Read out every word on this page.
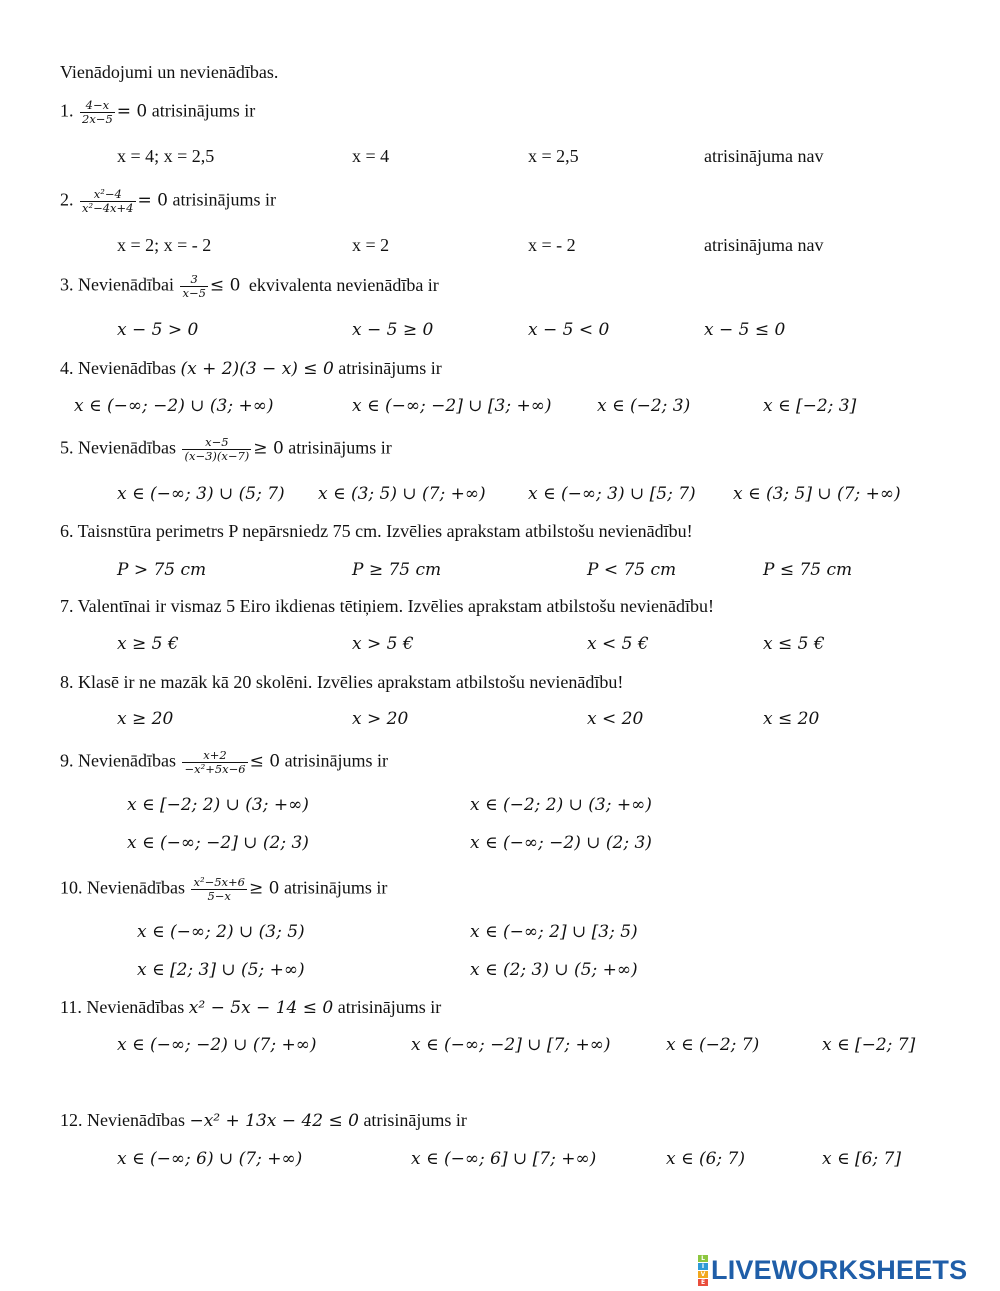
Vienādojumi un nevienādības.
1. $\frac{4-x}{2x-5} = 0$ atrisinājums ir
x = 4; x = 2,5	x = 4	x = 2,5	atrisinājuma nav
2. $\frac{\text{x²−4}}{\text{x²−4x+4}} = 0$ atrisinājums ir
x = 2; x = - 2	x = 2	x = - 2	atrisinājuma nav
3. Nevienādībai $\frac{3}{x-5} \le 0$ ekvivalenta nevienādība ir
x − 5 > 0	x − 5 ≥ 0	x − 5 < 0	x − 5 ≤ 0
4. Nevienādības (x + 2)(3 − x) ≤ 0 atrisinājums ir
x ∈ (−∞; −2) ∪ (3; +∞)	x ∈ (−∞; −2] ∪ [3; +∞)	x ∈ (−2; 3)	x ∈ [−2; 3]
5. Nevienādības $\frac{x-5}{(x-3)(x-7)} \ge 0$ atrisinājums ir
x ∈ (−∞; 3) ∪ (5; 7) x ∈ (3; 5) ∪ (7; +∞) x ∈ (−∞; 3) ∪ [5; 7) x ∈ (3; 5] ∪ (7; +∞)
6. Taisnstūra perimetrs P nepārsniedz 75 cm. Izvēlies aprakstam atbilstošu nevienādību!
P > 75 cm	P ≥ 75 cm	P < 75 cm	P ≤ 75 cm
7. Valentīnai ir vismaz 5 Eiro ikdienas tētiņiem. Izvēlies aprakstam atbilstošu nevienādību!
x ≥ 5 €	x > 5 €	x < 5 €	x ≤ 5 €
8. Klasē ir ne mazāk kā 20 skolēni. Izvēlies aprakstam atbilstošu nevienādību!
x ≥ 20	x > 20	x < 20	x ≤ 20
9. Nevienādības $\frac{x+2}{\text{−x²+5x−6}} \le 0$ atrisinājums ir
x ∈ [−2; 2) ∪ (3; +∞)	x ∈ (−2; 2) ∪ (3; +∞)
x ∈ (−∞; −2] ∪ (2; 3)	x ∈ (−∞; −2) ∪ (2; 3)
10. Nevienādības $\frac{\text{x²−5x+6}}{5-x} \ge 0$ atrisinājums ir
x ∈ (−∞; 2) ∪ (3; 5)	x ∈ (−∞; 2] ∪ [3; 5)
x ∈ [2; 3] ∪ (5; +∞)	x ∈ (2; 3) ∪ (5; +∞)
11. Nevienādības x² − 5x − 14 ≤ 0 atrisinājums ir
x ∈ (−∞; −2) ∪ (7; +∞)	x ∈ (−∞; −2] ∪ [7; +∞)	x ∈ (−2; 7)	x ∈ [−2; 7]
12. Nevienādības −x² + 13x − 42 ≤ 0 atrisinājums ir
x ∈ (−∞; 6) ∪ (7; +∞)	x ∈ (−∞; 6] ∪ [7; +∞)	x ∈ (6; 7)	x ∈ [6; 7]
L
I
V
E LIVEWORKSHEETS
